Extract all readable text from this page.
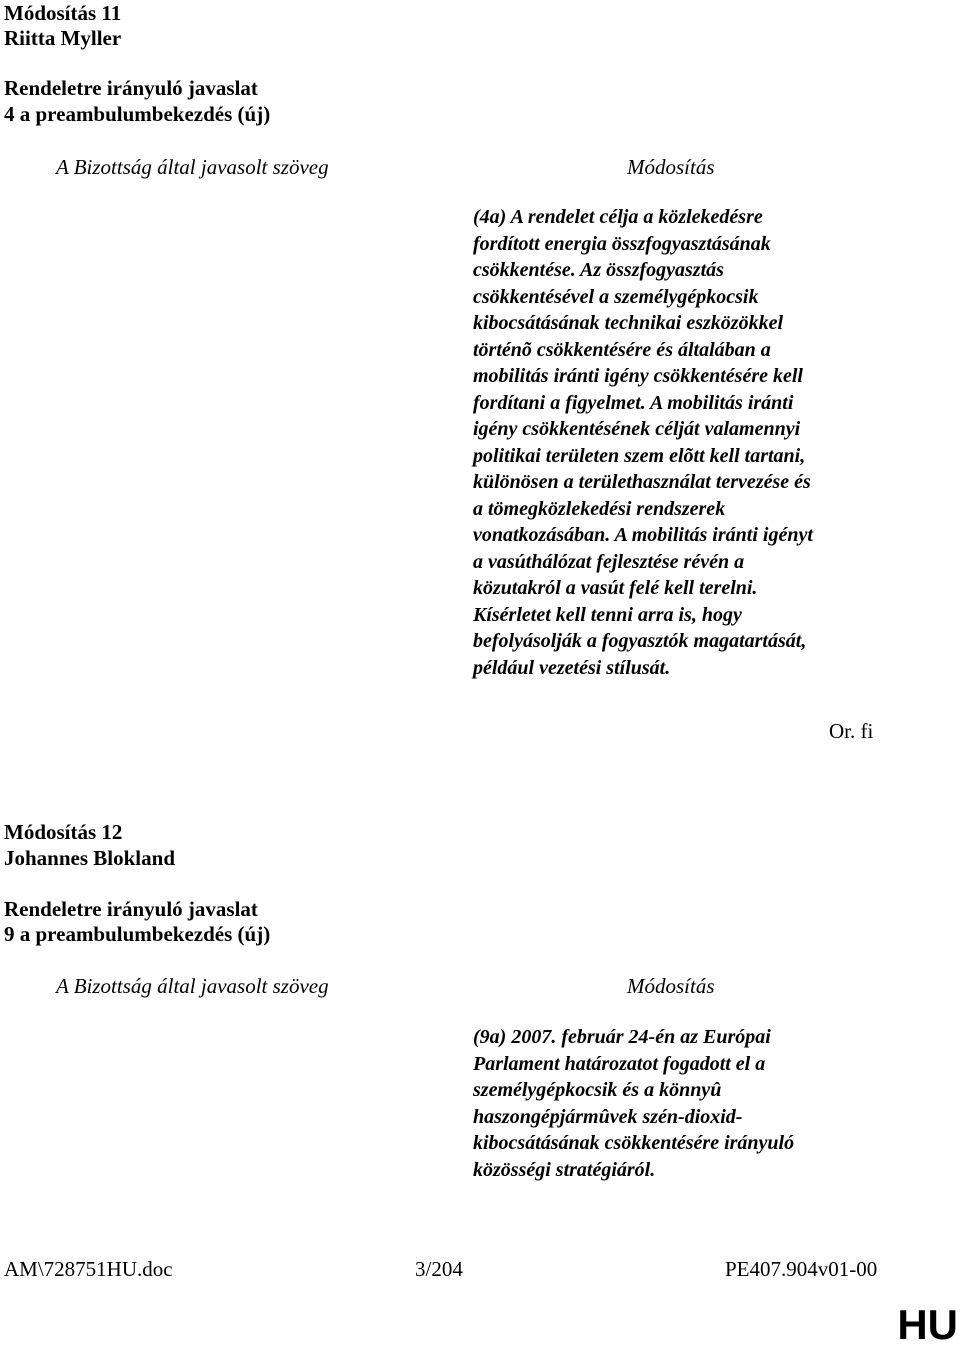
Módosítás 11
Riitta Myller
Rendeletre irányuló javaslat
4 a preambulumbekezdés (új)
A Bizottság által javasolt szöveg	Módosítás
(4a) A rendelet célja a közlekedésre
fordított energia összfogyasztásának
csökkentése. Az összfogyasztás
csökkentésével a személygépkocsik
kibocsátásának technikai eszközökkel
történõ csökkentésére és általában a
mobilitás iránti igény csökkentésére kell
fordítani a figyelmet. A mobilitás iránti
igény csökkentésének célját valamennyi
politikai területen szem elõtt kell tartani,
különösen a területhasználat tervezése és
a tömegközlekedési rendszerek
vonatkozásában. A mobilitás iránti igényt
a vasúthálózat fejlesztése révén a
közutakról a vasút felé kell terelni.
Kísérletet kell tenni arra is, hogy
befolyásolják a fogyasztók magatartását,
például vezetési stílusát.
Or. fi
Módosítás 12
Johannes Blokland
Rendeletre irányuló javaslat
9 a preambulumbekezdés (új)
A Bizottság által javasolt szöveg	Módosítás
(9a) 2007. február 24-én az Európai
Parlament határozatot fogadott el a
személygépkocsik és a könnyû
haszongépjármûvek szén-dioxid-
kibocsátásának csökkentésére irányuló
közösségi stratégiáról.
AM\728751HU.doc	3/204	PE407.904v01-00
HU
